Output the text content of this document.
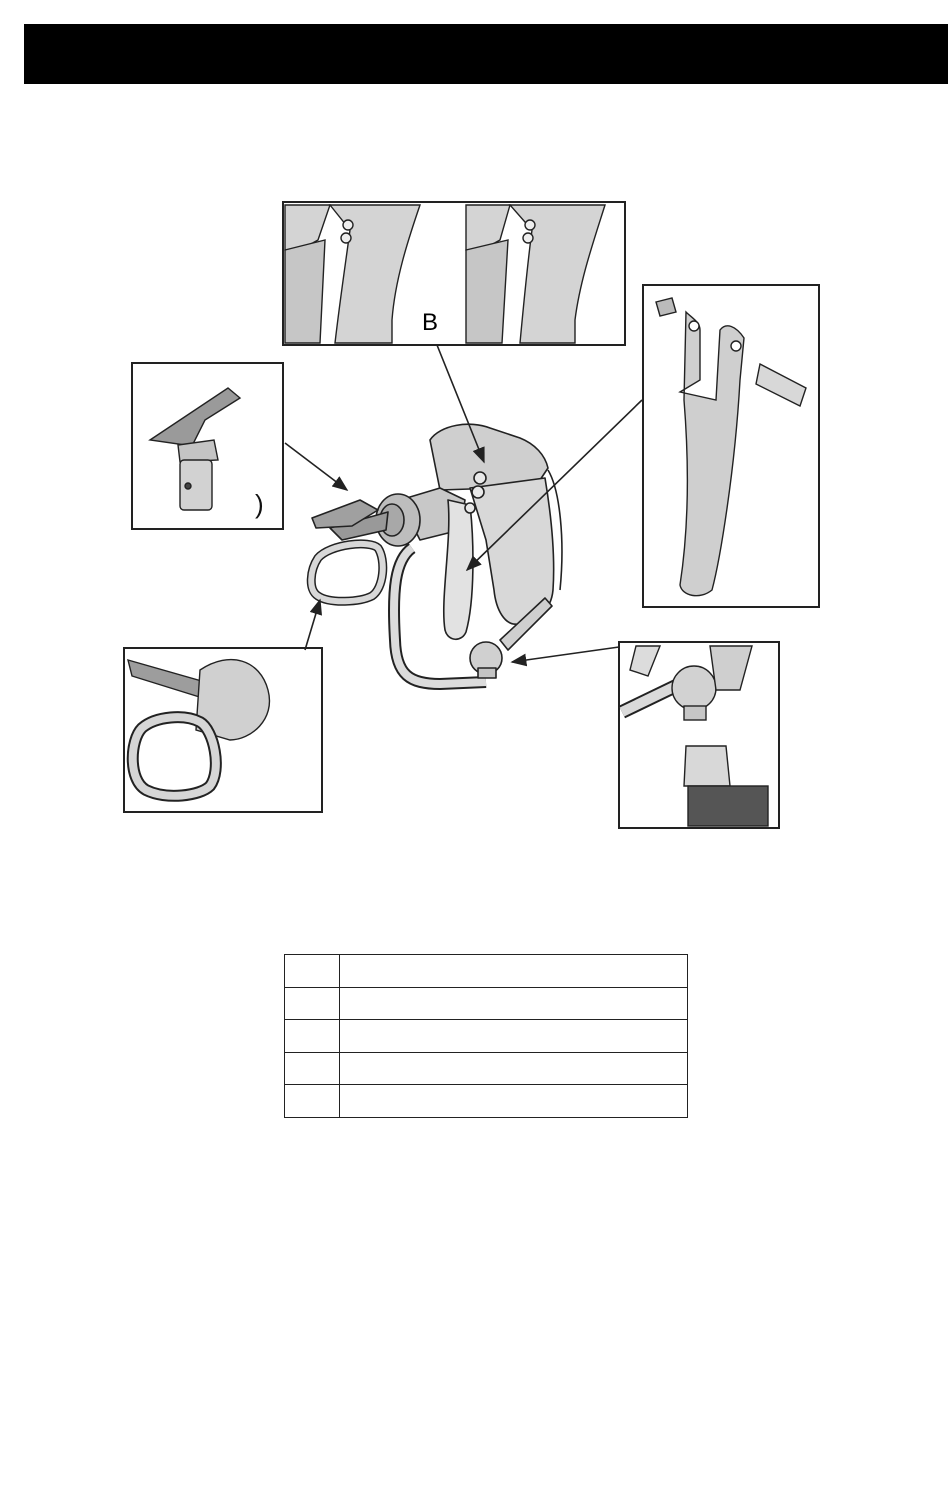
B
)
